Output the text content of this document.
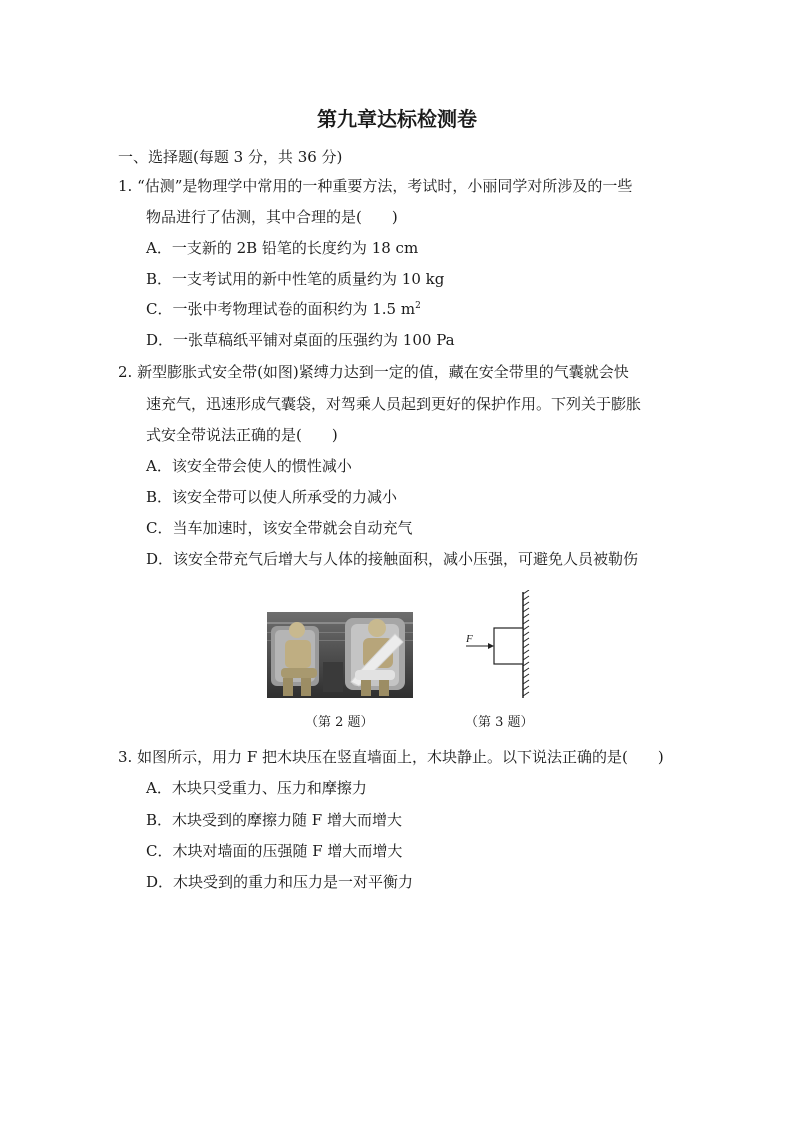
第九章达标检测卷
一、选择题(每题 3 分，共 36 分)
1. “估测”是物理学中常用的一种重要方法，考试时，小丽同学对所涉及的一些
物品进行了估测，其中合理的是(　　)
A．一支新的 2B 铅笔的长度约为 18 cm
B．一支考试用的新中性笔的质量约为 10 kg
C．一张中考物理试卷的面积约为 1.5 $m^2$
D．一张草稿纸平铺对桌面的压强约为 100 Pa
2. 新型膨胀式安全带(如图)紧缚力达到一定的值，藏在安全带里的气囊就会快
速充气，迅速形成气囊袋，对驾乘人员起到更好的保护作用。下列关于膨胀
式安全带说法正确的是(　　)
A．该安全带会使人的惯性减小
B．该安全带可以使人所承受的力减小
C．当车加速时，该安全带就会自动充气
D．该安全带充气后增大与人体的接触面积，减小压强，可避免人员被勒伤
（第 2 题）
F
（第 3 题）
3. 如图所示，用力 F 把木块压在竖直墙面上，木块静止。以下说法正确的是(　　)
A．木块只受重力、压力和摩擦力
B．木块受到的摩擦力随 F 增大而增大
C．木块对墙面的压强随 F 增大而增大
D．木块受到的重力和压力是一对平衡力
